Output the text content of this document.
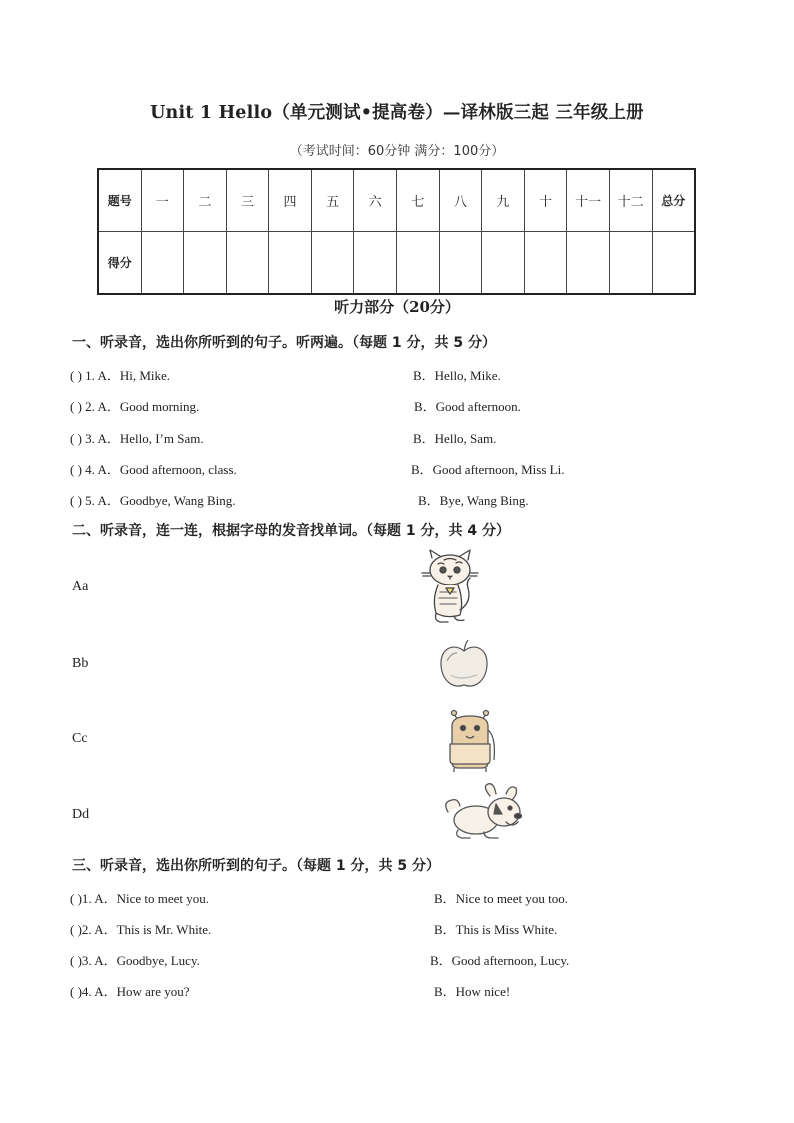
Unit 1 Hello（单元测试•提高卷）—译林版三起 三年级上册
（考试时间：60分钟 满分：100分）
题号	一	二	三	四	五	六	七	八	九	十	十一	十二	总分
得分													
听力部分（20分）
一、听录音，选出你所听到的句子。听两遍。（每题 1 分，共 5 分）
( ) 1. A．Hi, Mike.	B．Hello, Mike.
( ) 2. A．Good morning.	B．Good afternoon.
( ) 3. A．Hello, I’m Sam.	B．Hello, Sam.
( ) 4. A．Good afternoon, class.	B．Good afternoon, Miss Li.
( ) 5. A．Goodbye, Wang Bing.	B．Bye, Wang Bing.
二、听录音，连一连，根据字母的发音找单词。（每题 1 分，共 4 分）
Aa
Bb
Cc
Dd
三、听录音，选出你所听到的句子。（每题 1 分，共 5 分）
( )1. A．Nice to meet you.	B．Nice to meet you too.
( )2. A．This is Mr. White.	B．This is Miss White.
( )3. A．Goodbye, Lucy.	B．Good afternoon, Lucy.
( )4. A．How are you?	B．How nice!
